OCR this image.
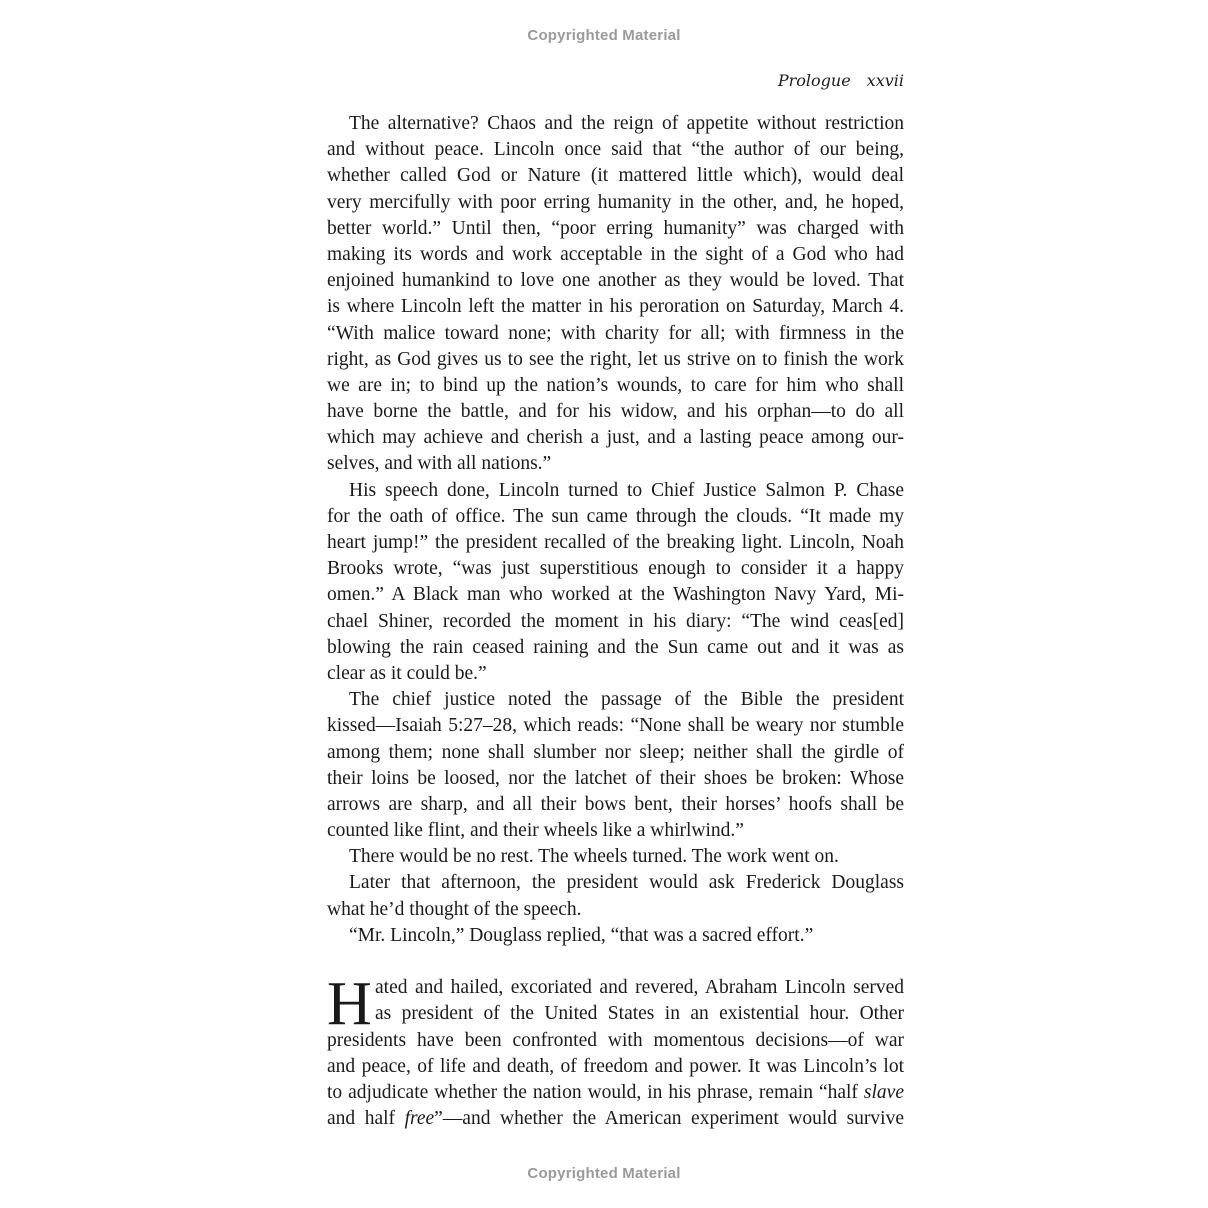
Copyrighted Material
Prologue xxvii
The alternative? Chaos and the reign of appetite without restriction
and without peace. Lincoln once said that “the author of our being,
whether called God or Nature (it mattered little which), would deal
very mercifully with poor erring humanity in the other, and, he hoped,
better world.” Until then, “poor erring humanity” was charged with
making its words and work acceptable in the sight of a God who had
enjoined humankind to love one another as they would be loved. That
is where Lincoln left the matter in his peroration on Saturday, March 4.
“With malice toward none; with charity for all; with firmness in the
right, as God gives us to see the right, let us strive on to finish the work
we are in; to bind up the nation’s wounds, to care for him who shall
have borne the battle, and for his widow, and his orphan—to do all
which may achieve and cherish a just, and a lasting peace among our-
selves, and with all nations.”
His speech done, Lincoln turned to Chief Justice Salmon P. Chase
for the oath of office. The sun came through the clouds. “It made my
heart jump!” the president recalled of the breaking light. Lincoln, Noah
Brooks wrote, “was just superstitious enough to consider it a happy
omen.” A Black man who worked at the Washington Navy Yard, Mi-
chael Shiner, recorded the moment in his diary: “The wind ceas[ed]
blowing the rain ceased raining and the Sun came out and it was as
clear as it could be.”
The chief justice noted the passage of the Bible the president
kissed—Isaiah 5:27–28, which reads: “None shall be weary nor stumble
among them; none shall slumber nor sleep; neither shall the girdle of
their loins be loosed, nor the latchet of their shoes be broken: Whose
arrows are sharp, and all their bows bent, their horses’ hoofs shall be
counted like flint, and their wheels like a whirlwind.”
There would be no rest. The wheels turned. The work went on.
Later that afternoon, the president would ask Frederick Douglass
what he’d thought of the speech.
“Mr. Lincoln,” Douglass replied, “that was a sacred effort.”
H ated and hailed, excoriated and revered, Abraham Lincoln served
as president of the United States in an existential hour. Other
presidents have been confronted with momentous decisions—of war
and peace, of life and death, of freedom and power. It was Lincoln’s lot
to adjudicate whether the nation would, in his phrase, remain “half slave
and half free”—and whether the American experiment would survive
Copyrighted Material
